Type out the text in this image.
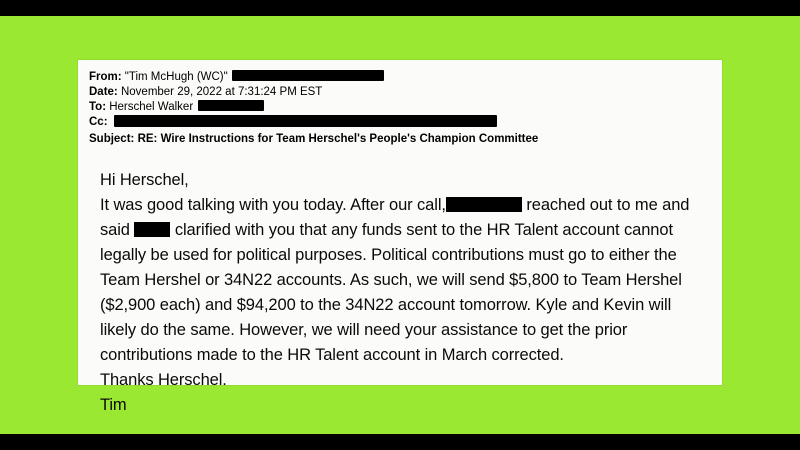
From: "Tim McHugh (WC)"
Date: November 29, 2022 at 7:31:24 PM EST
To: Herschel Walker
Cc:
Subject: RE: Wire Instructions for Team Herschel's People's Champion Committee

Hi Herschel,

It was good talking with you today. After our call,	reached out to me and said	clarified with you that any funds sent to the HR Talent account cannot legally be used for political purposes. Political contributions must go to either the Team Hershel or 34N22 accounts. As such, we will send $5,800 to Team Hershel ($2,900 each) and $94,200 to the 34N22 account tomorrow. Kyle and Kevin will likely do the same. However, we will need your assistance to get the prior contributions made to the HR Talent account in March corrected.

Thanks Herschel.

Tim
